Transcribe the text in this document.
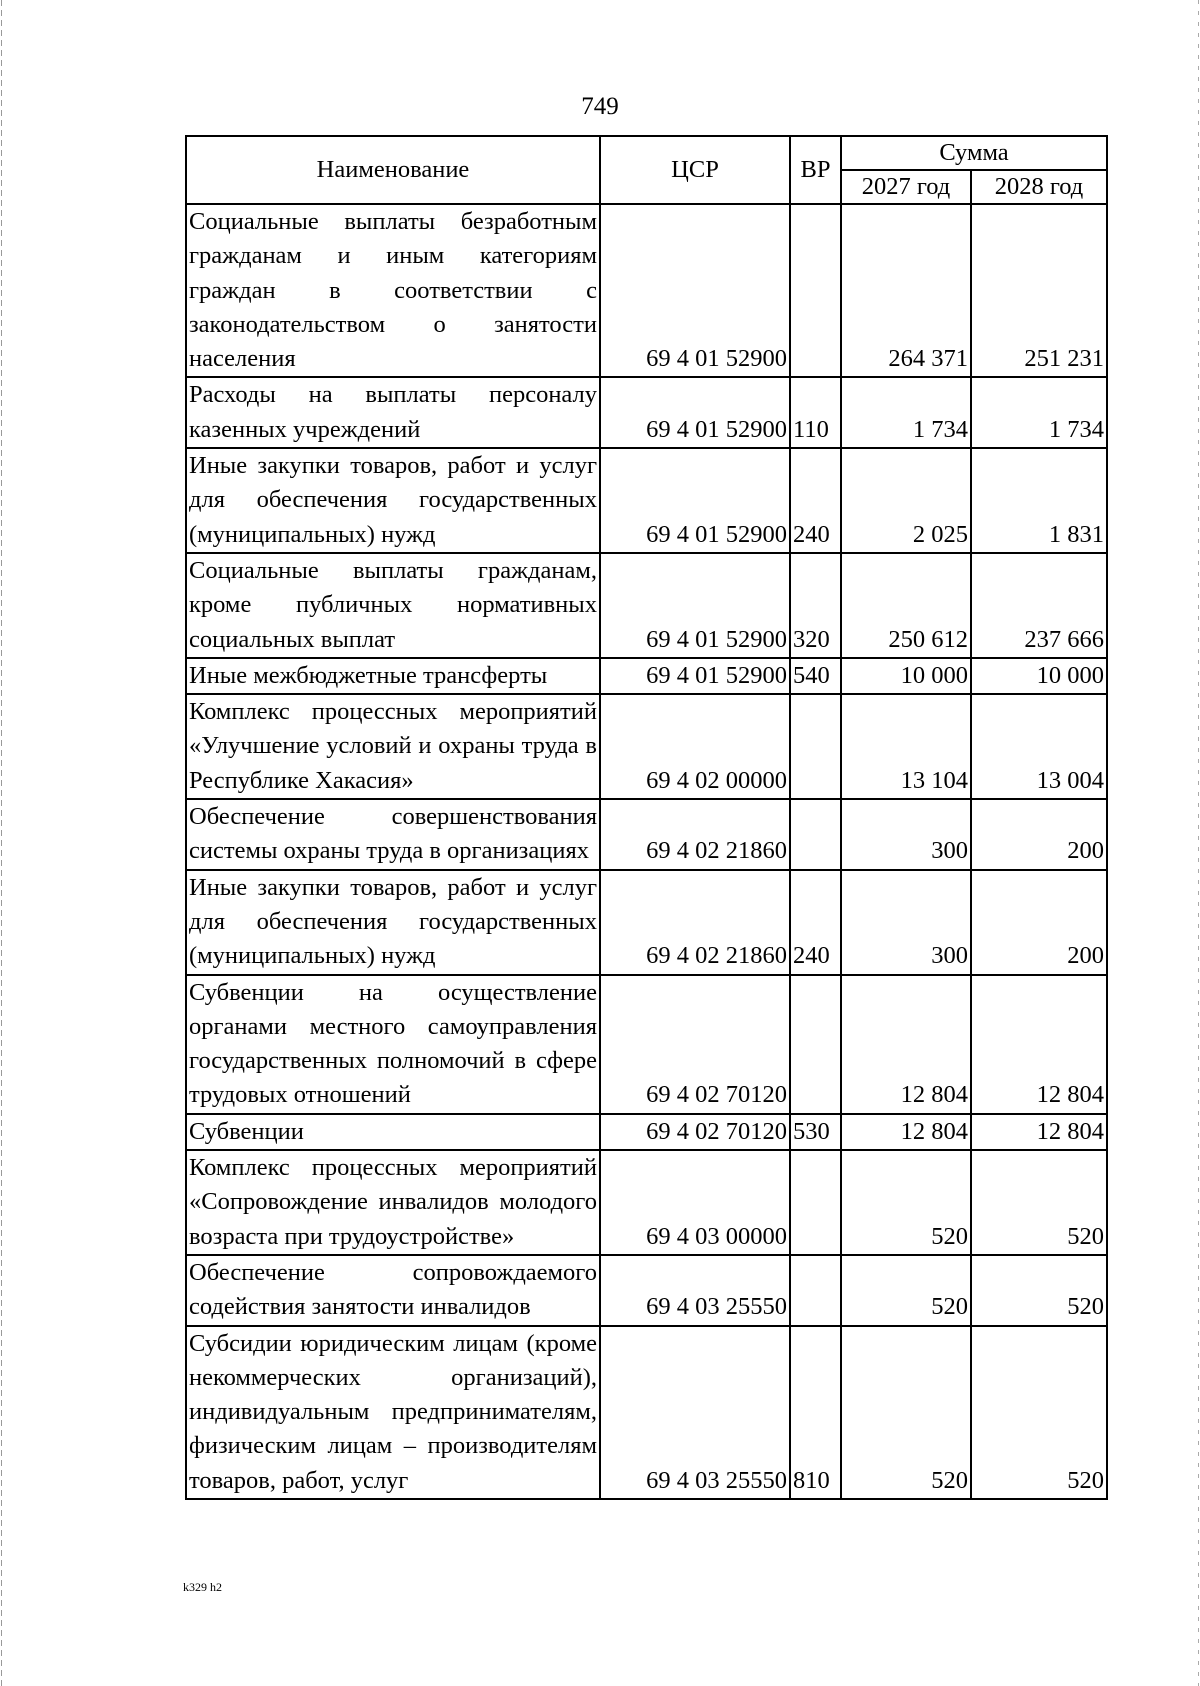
749
Наименование	ЦСР	ВР	Сумма	
			2027 год	2028 год
Социальные выплаты безработным гражданам и иным категориям граждан в соответствии с законодательством о занятости населения	69 4 01 52900		264 371	251 231
Расходы на выплаты персоналу казенных учреждений	69 4 01 52900	110	1 734	1 734
Иные закупки товаров, работ и услуг для обеспечения государственных (муниципальных) нужд	69 4 01 52900	240	2 025	1 831
Социальные выплаты гражданам, кроме публичных нормативных социальных выплат	69 4 01 52900	320	250 612	237 666
Иные межбюджетные трансферты	69 4 01 52900	540	10 000	10 000
Комплекс процессных мероприятий «Улучшение условий и охраны труда в Республике Хакасия»	69 4 02 00000		13 104	13 004
Обеспечение совершенствования системы охраны труда в организациях	69 4 02 21860		300	200
Иные закупки товаров, работ и услуг для обеспечения государственных (муниципальных) нужд	69 4 02 21860	240	300	200
Субвенции на осуществление органами местного самоуправления государственных полномочий в сфере трудовых отношений	69 4 02 70120		12 804	12 804
Субвенции	69 4 02 70120	530	12 804	12 804
Комплекс процессных мероприятий «Сопровождение инвалидов молодого возраста при трудоустройстве»	69 4 03 00000		520	520
Обеспечение сопровождаемого содействия занятости инвалидов	69 4 03 25550		520	520
Субсидии юридическим лицам (кроме некоммерческих организаций), индивидуальным предпринимателям, физическим лицам – производителям товаров, работ, услуг	69 4 03 25550	810	520	520
k329 h2
